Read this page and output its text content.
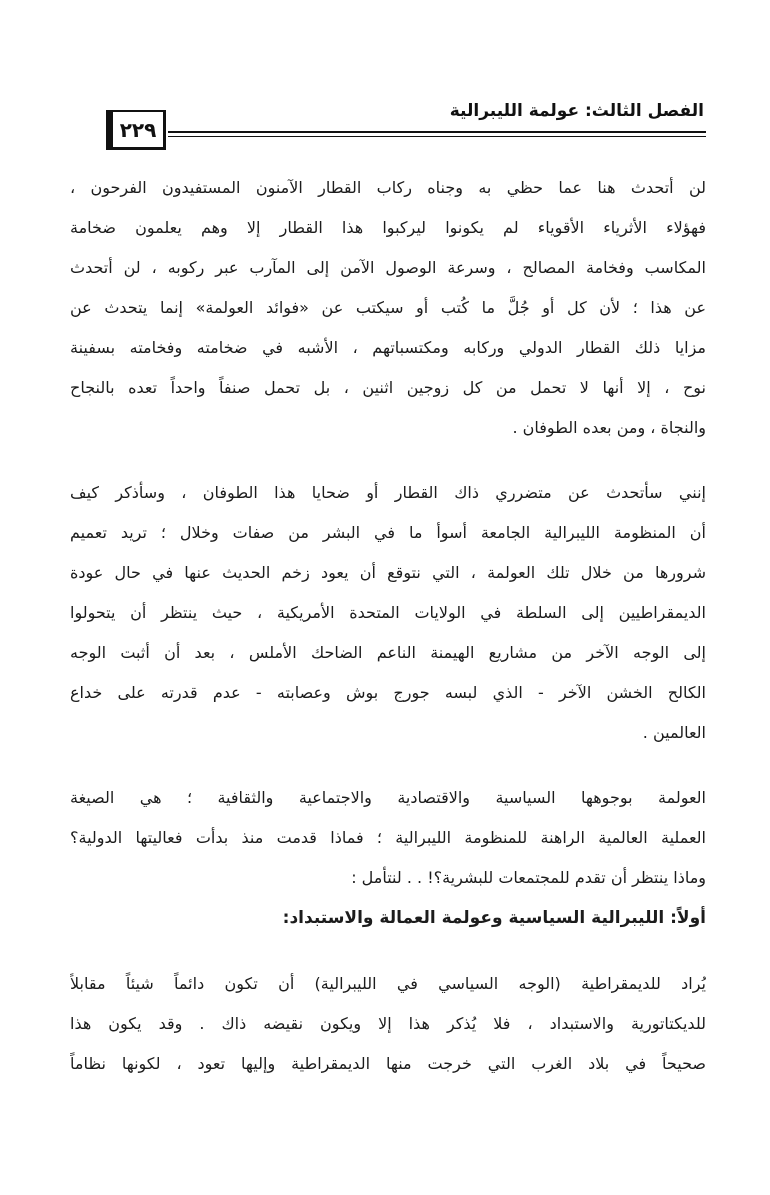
الفصل الثالث: عولمة الليبرالية
٢٢٩
لن أتحدث هنا عما حظي به وجناه ركاب القطار الآمنون المستفيدون الفرحون ،
فهؤلاء الأثرياء الأقوياء لم يكونوا ليركبوا هذا القطار إلا وهم يعلمون ضخامة
المكاسب وفخامة المصالح ، وسرعة الوصول الآمن إلى المآرب عبر ركوبه ، لن أتحدث
عن هذا ؛ لأن كل أو جُلَّ ما كُتب أو سيكتب عن «فوائد العولمة» إنما يتحدث عن
مزايا ذلك القطار الدولي وركابه ومكتسباتهم ، الأشبه في ضخامته وفخامته بسفينة
نوح ، إلا أنها لا تحمل من كل زوجين اثنين ، بل تحمل صنفاً واحداً تعده بالنجاح
والنجاة ، ومن بعده الطوفان .
إنني سأتحدث عن متضرري ذاك القطار أو ضحايا هذا الطوفان ، وسأذكر كيف
أن المنظومة الليبرالية الجامعة أسوأ ما في البشر من صفات وخلال ؛ تريد تعميم
شرورها من خلال تلك العولمة ، التي نتوقع أن يعود زخم الحديث عنها في حال عودة
الديمقراطيين إلى السلطة في الولايات المتحدة الأمريكية ، حيث ينتظر أن يتحولوا
إلى الوجه الآخر من مشاريع الهيمنة الناعم الضاحك الأملس ، بعد أن أثبت الوجه
الكالح الخشن الآخر - الذي لبسه جورج بوش وعصابته - عدم قدرته على خداع
العالمين .
العولمة بوجوهها السياسية والاقتصادية والاجتماعية والثقافية ؛ هي الصيغة
العملية العالمية الراهنة للمنظومة الليبرالية ؛ فماذا قدمت منذ بدأت فعاليتها الدولية؟
وماذا ينتظر أن تقدم للمجتمعات للبشرية؟! . . لنتأمل :
أولاً: الليبرالية السياسية وعولمة العمالة والاستبداد:
يُراد للديمقراطية (الوجه السياسي في الليبرالية) أن تكون دائماً شيئاً مقابلاً
للديكتاتورية والاستبداد ، فلا يُذكر هذا إلا ويكون نقيضه ذاك . وقد يكون هذا
صحيحاً في بلاد الغرب التي خرجت منها الديمقراطية وإليها تعود ، لكونها نظاماً
